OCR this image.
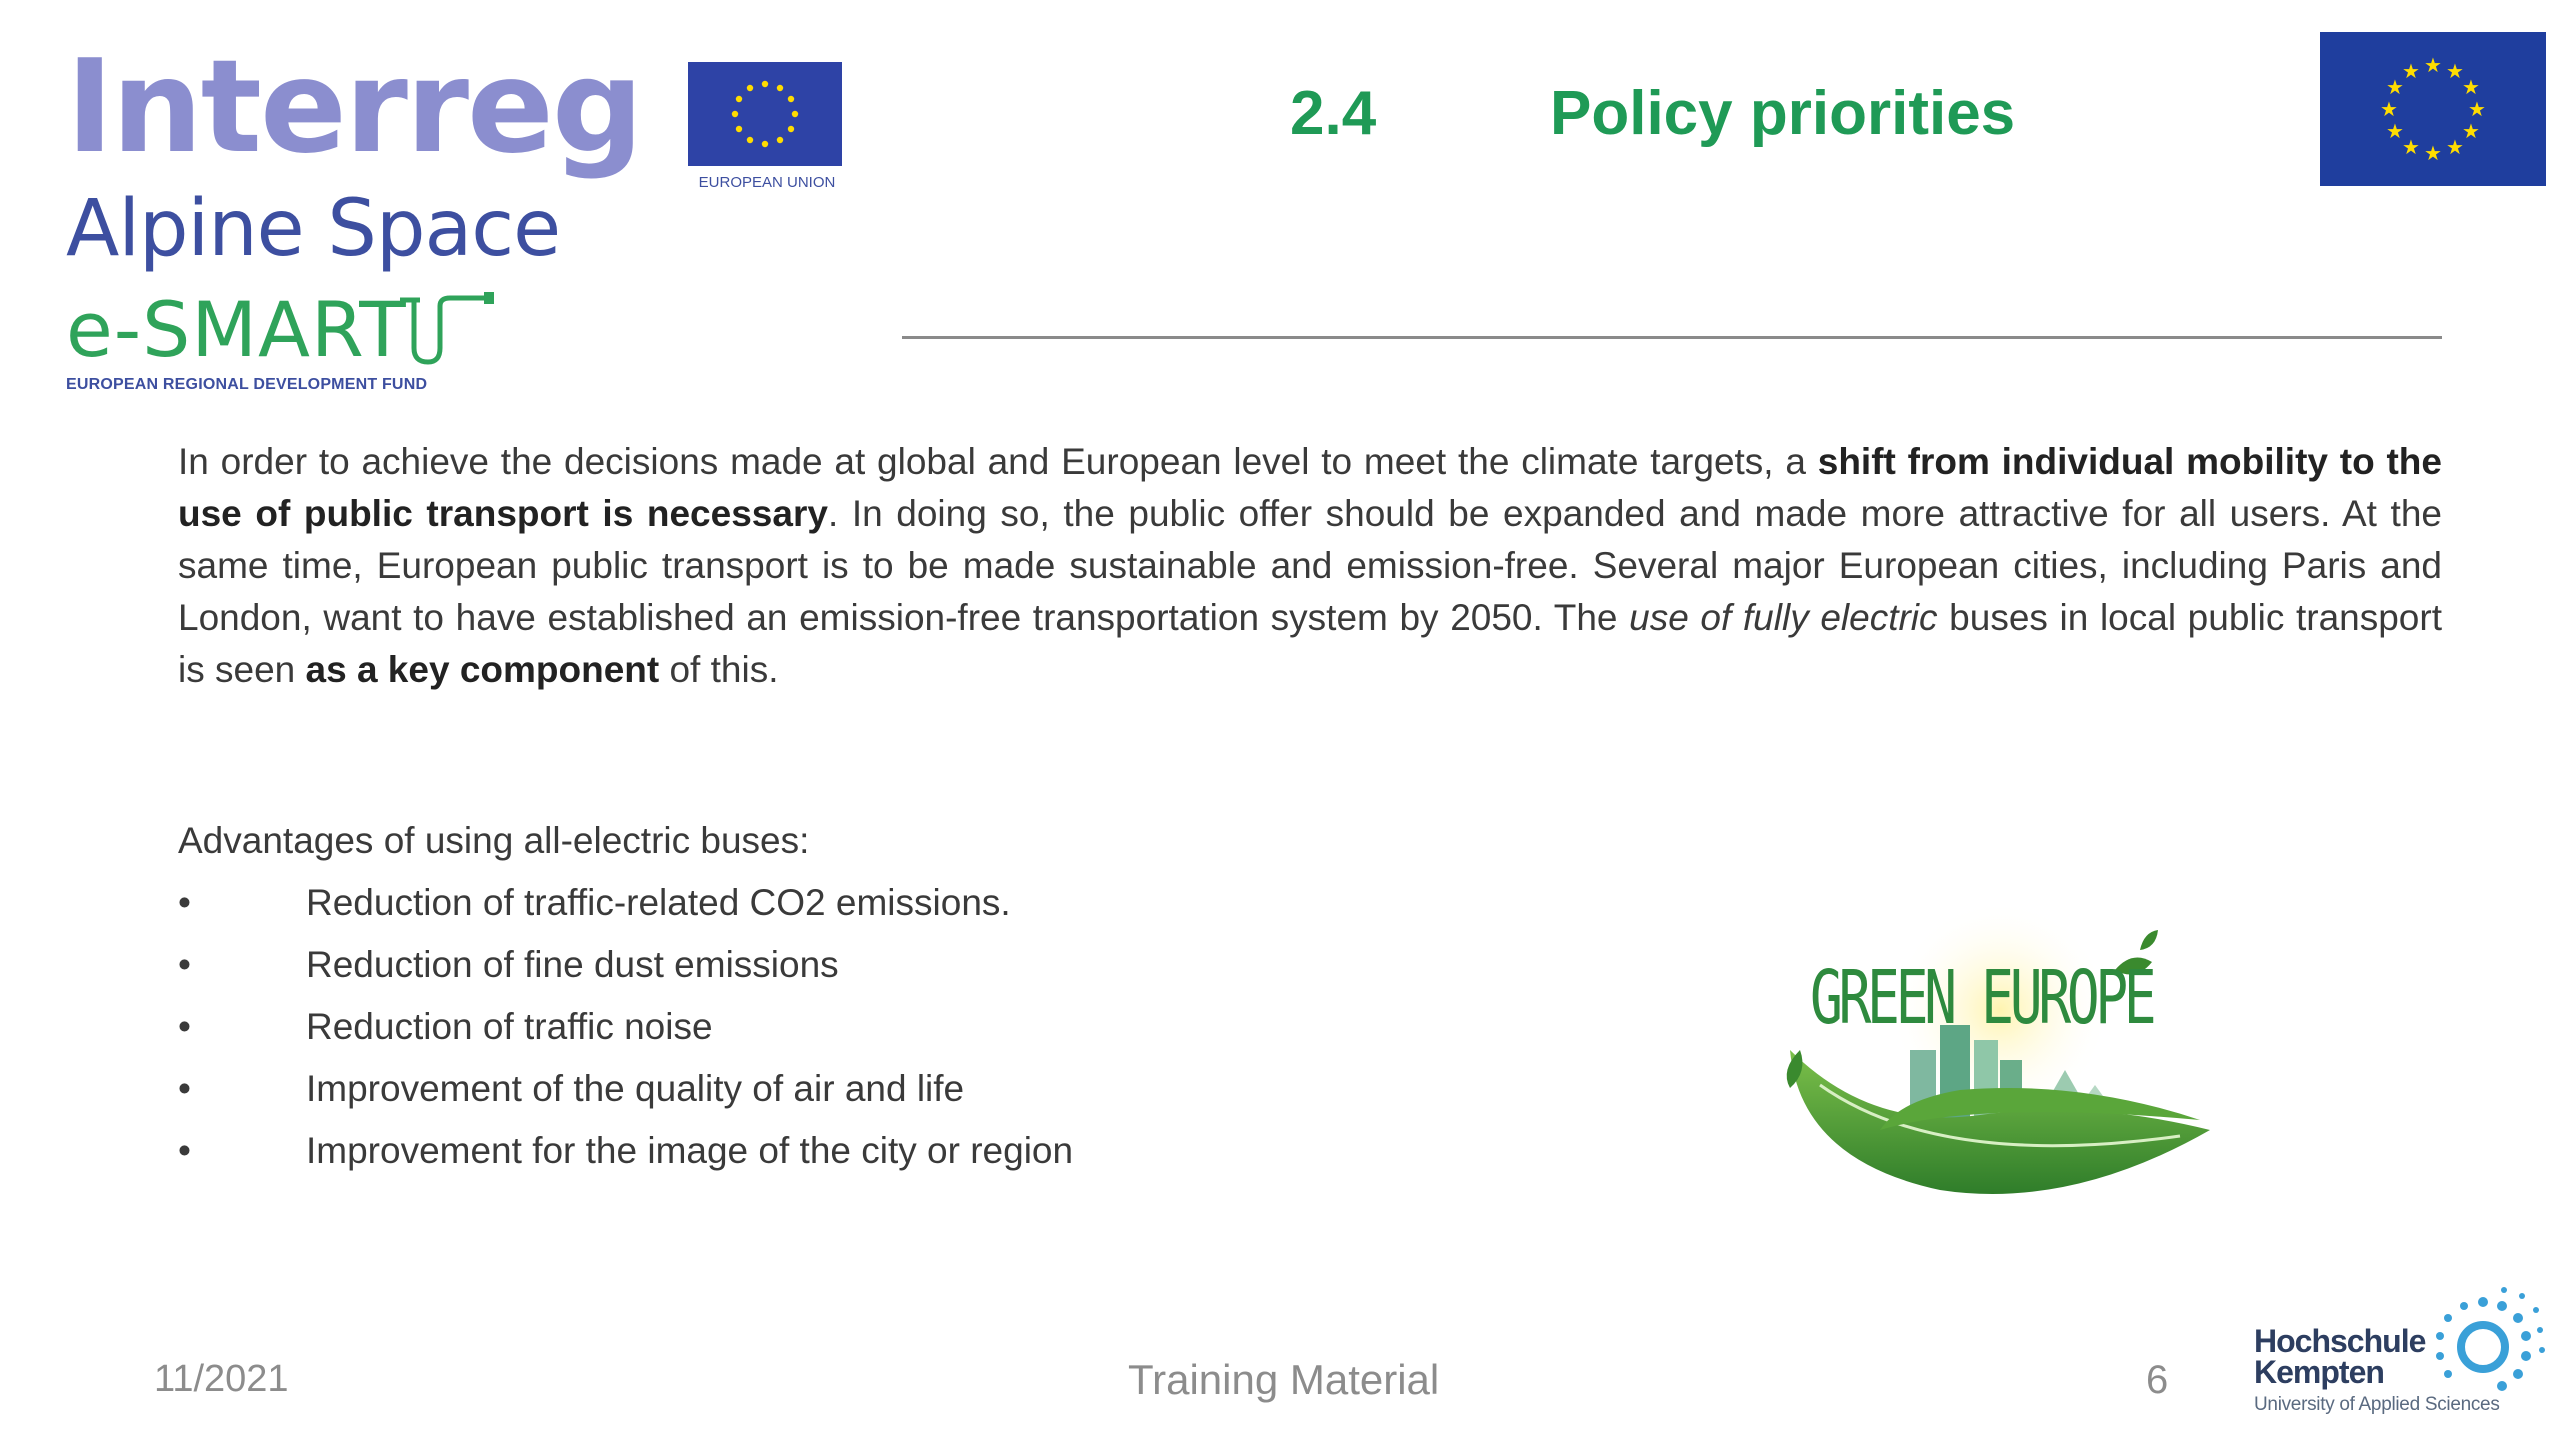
Interreg
Alpine Space
e-SMART
EUROPEAN REGIONAL DEVELOPMENT FUND
EUROPEAN UNION
★ ★
★
★
★
★
★
★
★
★
★
★
2.4	Policy priorities
In order to achieve the decisions made at global and European level to meet the climate targets, a shift from individual mobility to the use of public transport is necessary. In doing so, the public offer should be expanded and made more attractive for all users. At the same time, European public transport is to be made sustainable and emission-free. Several major European cities, including Paris and London, want to have established an emission-free transportation system by 2050. The use of fully electric buses in local public transport is seen as a key component of this.
Advantages of using all-electric buses:
•	Reduction of traffic-related CO2 emissions.
•	Reduction of fine dust emissions
•	Reduction of traffic noise
•	Improvement of the quality of air and life
•	Improvement for the image of the city or region
GREEN EUROPE
11/2021	Training Material	6
Hochschule
Kempten
University of Applied Sciences
